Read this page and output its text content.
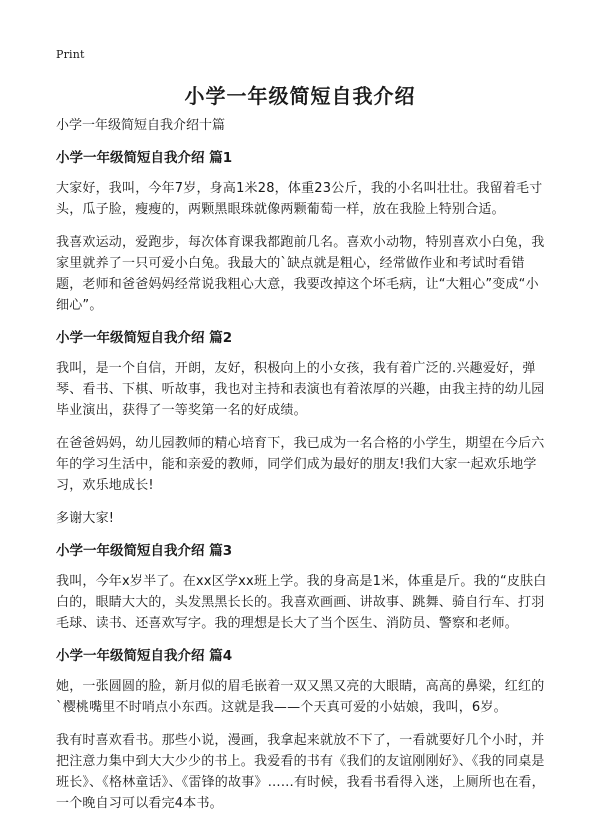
Print
小学一年级简短自我介绍
小学一年级简短自我介绍十篇
小学一年级简短自我介绍 篇1

大家好，我叫，今年7岁，身高1米28，体重23公斤，我的小名叫壮壮。我留着毛寸头，瓜子脸，瘦瘦的，两颗黑眼珠就像两颗葡萄一样，放在我脸上特别合适。

我喜欢运动，爱跑步，每次体育课我都跑前几名。喜欢小动物，特别喜欢小白兔，我家里就养了一只可爱小白兔。我最大的`缺点就是粗心，经常做作业和考试时看错题，老师和爸爸妈妈经常说我粗心大意，我要改掉这个坏毛病，让“大粗心”变成“小细心”。

小学一年级简短自我介绍 篇2

我叫，是一个自信，开朗，友好，积极向上的小女孩，我有着广泛的.兴趣爱好，弹琴、看书、下棋、听故事，我也对主持和表演也有着浓厚的兴趣，由我主持的幼儿园毕业演出，获得了一等奖第一名的好成绩。

在爸爸妈妈，幼儿园教师的精心培育下，我已成为一名合格的小学生，期望在今后六年的学习生活中，能和亲爱的教师，同学们成为最好的朋友!我们大家一起欢乐地学习，欢乐地成长!

多谢大家!

小学一年级简短自我介绍 篇3

我叫，今年x岁半了。在xx区学xx班上学。我的身高是1米，体重是斤。我的“皮肤白白的，眼睛大大的，头发黑黑长长的。我喜欢画画、讲故事、跳舞、骑自行车、打羽毛球、读书、还喜欢写字。我的理想是长大了当个医生、消防员、警察和老师。

小学一年级简短自我介绍 篇4

她，一张圆圆的脸，新月似的眉毛嵌着一双又黑又亮的大眼睛，高高的鼻梁，红红的`樱桃嘴里不时哨点小东西。这就是我——个天真可爱的小姑娘，我叫，6岁。

我有时喜欢看书。那些小说，漫画，我拿起来就放不下了，一看就要好几个小时，并把注意力集中到大大少少的书上。我爱看的书有《我们的友谊刚刚好》、《我的同桌是班长》、《格林童话》、《雷锋的故事》……有时候，我看书看得入迷，上厕所也在看，一个晚自习可以看完4本书。
